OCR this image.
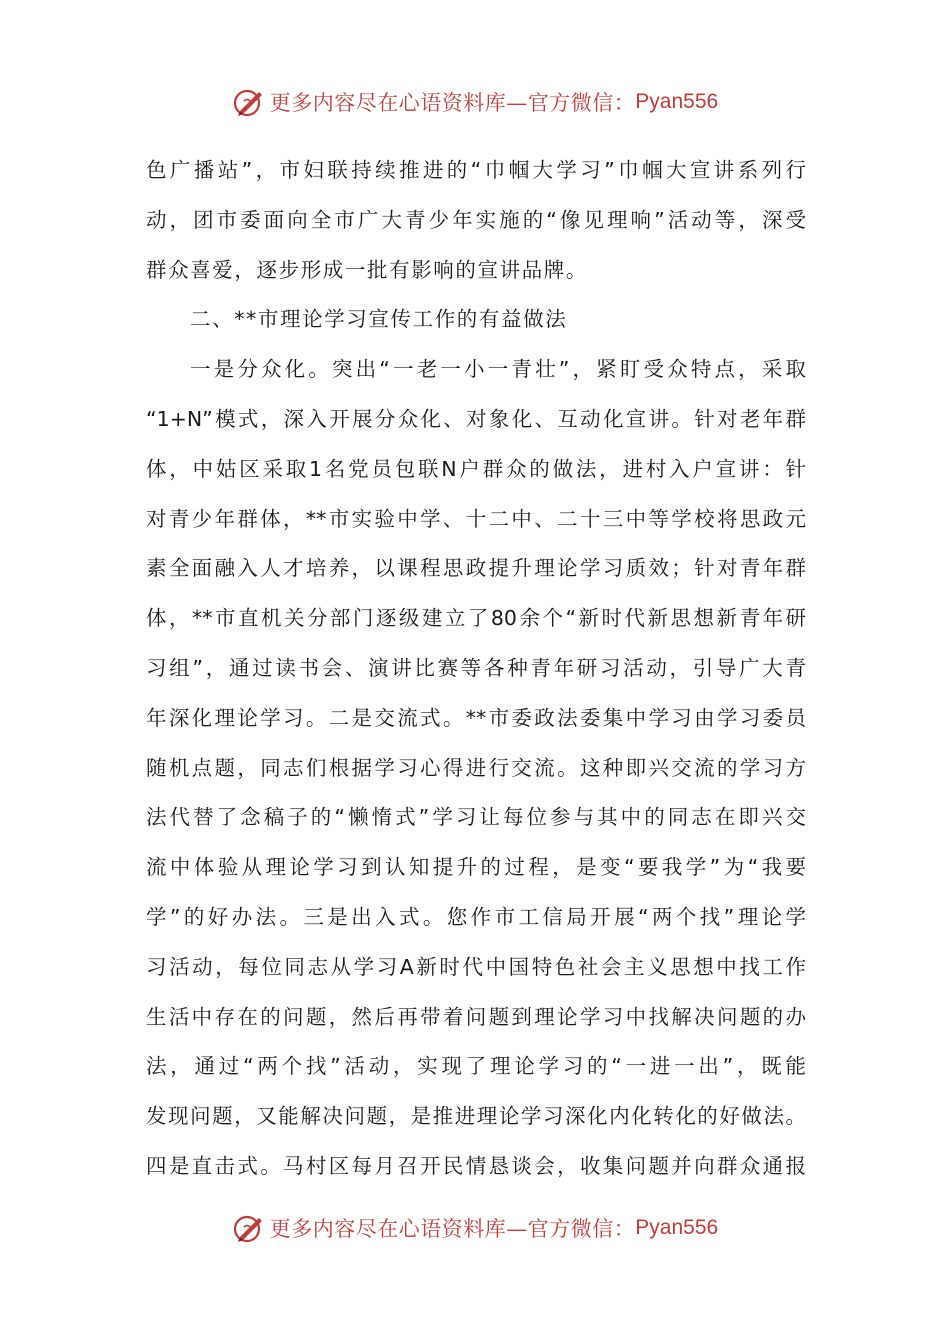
更多内容尽在心语资料库—官方微信： Pyan556
色广播站”，市妇联持续推进的“巾帼大学习”巾帼大宣讲系列行
动，团市委面向全市广大青少年实施的“像见理响”活动等，深受
群众喜爱，逐步形成一批有影响的宣讲品牌。
二、**市理论学习宣传工作的有益做法
一是分众化。突出“一老一小一青壮”，紧盯受众特点，采取
“1+N”模式，深入开展分众化、对象化、互动化宣讲。针对老年群
体，中姑区采取1名党员包联N户群众的做法，进村入户宣讲：针
对青少年群体，**市实验中学、十二中、二十三中等学校将思政元
素全面融入人才培养，以课程思政提升理论学习质效；针对青年群
体，**市直机关分部门逐级建立了80余个“新时代新思想新青年研
习组”，通过读书会、演讲比赛等各种青年研习活动，引导广大青
年深化理论学习。二是交流式。**市委政法委集中学习由学习委员
随机点题，同志们根据学习心得进行交流。这种即兴交流的学习方
法代替了念稿子的“懒惰式”学习让每位参与其中的同志在即兴交
流中体验从理论学习到认知提升的过程，是变“要我学”为“我要
学”的好办法。三是出入式。您作市工信局开展“两个找”理论学
习活动，每位同志从学习A新时代中国特色社会主义思想中找工作
生活中存在的问题，然后再带着问题到理论学习中找解决问题的办
法，通过“两个找”活动，实现了理论学习的“一进一出”，既能
发现问题，又能解决问题，是推进理论学习深化内化转化的好做法。
四是直击式。马村区每月召开民情恳谈会，收集问题并向群众通报
更多内容尽在心语资料库—官方微信： Pyan556
